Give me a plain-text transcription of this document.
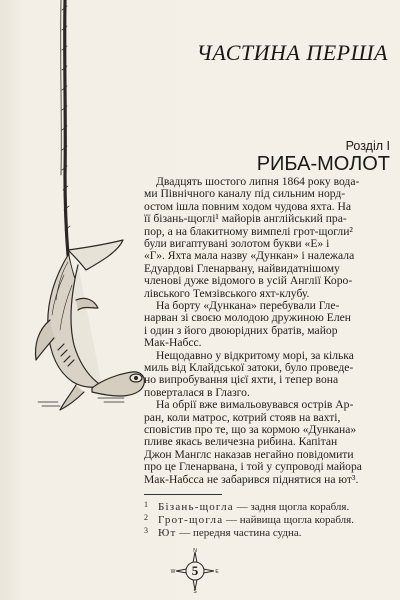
ЧАСТИНА ПЕРША
Розділ I
РИБА-МОЛОТ
Двадцять шостого липня 1864 року вода-
ми Північного каналу під сильним норд-
остом ішла повним ходом чудова яхта. На
її бізань-щоглі¹ майорів англійський пра-
пор, а на блакитному вимпелі грот-щогли²
були вигаптувані золотом букви «Е» і
«Г». Яхта мала назву «Дункан» і належала
Едуардові Гленарвану, найвидатнішому
членові дуже відомого в усій Англії Коро-
лівського Темзівського яхт-клубу.
На борту «Дункана» перебували Гле-
нарван зі своєю молодою дружиною Елен
і один з його двоюрідних братів, майор
Мак-Набсс.
Нещодавно у відкритому морі, за кілька
миль від Клайдської затоки, було проведе-
но випробування цієї яхти, і тепер вона
поверталася в Глазго.
На обрії вже вимальовувався острів Ар-
ран, коли матрос, котрий стояв на вахті,
сповістив про те, що за кормою «Дункана»
пливе якась величезна рибина. Капітан
Джон Манглс наказав негайно повідомити
про це Гленарвана, і той у супроводі майора
Мак-Набсса не забарився піднятися на ют³.
1 Бізань-щогла — задня щогла корабля.
2 Грот-щогла — найвища щогла корабля.
3 Ют — передня частина судна.
N
S
E
W	5
